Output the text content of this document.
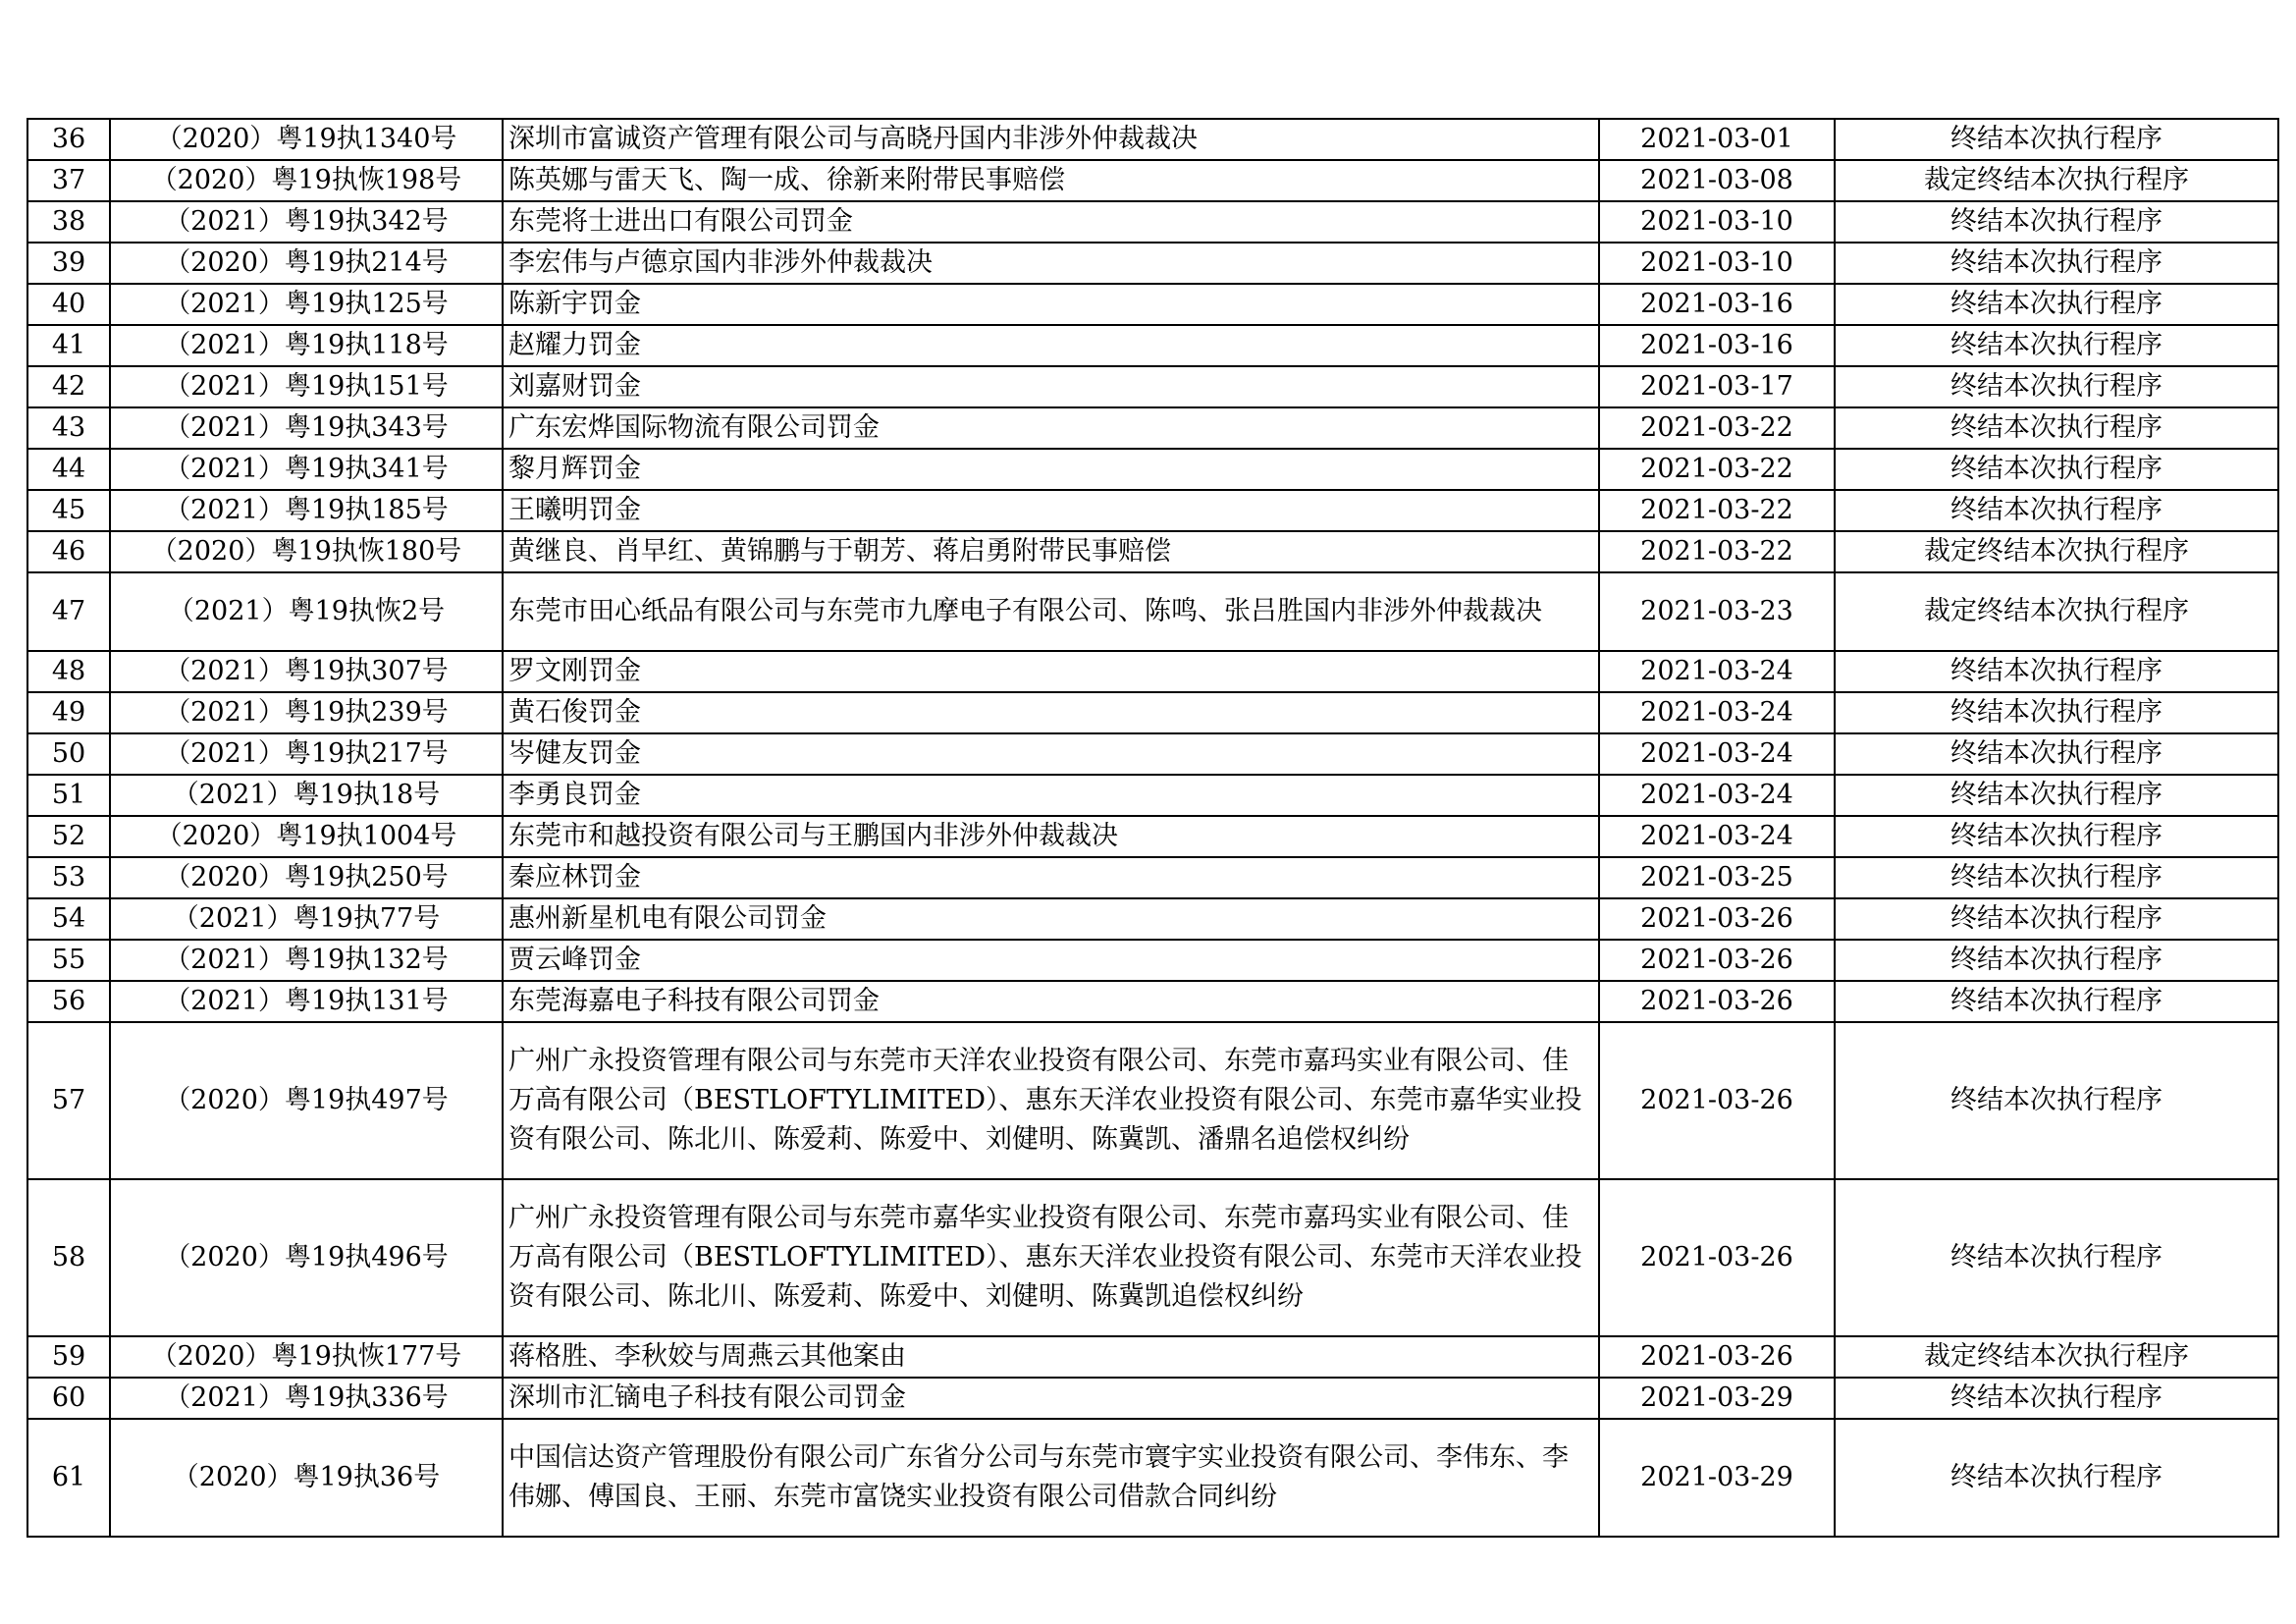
36	（2020）粤19执1340号	深圳市富诚资产管理有限公司与高晓丹国内非涉外仲裁裁决	2021-03-01	终结本次执行程序
37	（2020）粤19执恢198号	陈英娜与雷天飞、陶一成、徐新来附带民事赔偿	2021-03-08	裁定终结本次执行程序
38	（2021）粤19执342号	东莞将士进出口有限公司罚金	2021-03-10	终结本次执行程序
39	（2020）粤19执214号	李宏伟与卢德京国内非涉外仲裁裁决	2021-03-10	终结本次执行程序
40	（2021）粤19执125号	陈新宇罚金	2021-03-16	终结本次执行程序
41	（2021）粤19执118号	赵耀力罚金	2021-03-16	终结本次执行程序
42	（2021）粤19执151号	刘嘉财罚金	2021-03-17	终结本次执行程序
43	（2021）粤19执343号	广东宏烨国际物流有限公司罚金	2021-03-22	终结本次执行程序
44	（2021）粤19执341号	黎月辉罚金	2021-03-22	终结本次执行程序
45	（2021）粤19执185号	王曦明罚金	2021-03-22	终结本次执行程序
46	（2020）粤19执恢180号	黄继良、肖早红、黄锦鹏与于朝芳、蒋启勇附带民事赔偿	2021-03-22	裁定终结本次执行程序
47	（2021）粤19执恢2号	东莞市田心纸品有限公司与东莞市九摩电子有限公司、陈鸣、张吕胜国内非涉外仲裁裁决	2021-03-23	裁定终结本次执行程序
48	（2021）粤19执307号	罗文刚罚金	2021-03-24	终结本次执行程序
49	（2021）粤19执239号	黄石俊罚金	2021-03-24	终结本次执行程序
50	（2021）粤19执217号	岑健友罚金	2021-03-24	终结本次执行程序
51	（2021）粤19执18号	李勇良罚金	2021-03-24	终结本次执行程序
52	（2020）粤19执1004号	东莞市和越投资有限公司与王鹏国内非涉外仲裁裁决	2021-03-24	终结本次执行程序
53	（2020）粤19执250号	秦应林罚金	2021-03-25	终结本次执行程序
54	（2021）粤19执77号	惠州新星机电有限公司罚金	2021-03-26	终结本次执行程序
55	（2021）粤19执132号	贾云峰罚金	2021-03-26	终结本次执行程序
56	（2021）粤19执131号	东莞海嘉电子科技有限公司罚金	2021-03-26	终结本次执行程序
57	（2020）粤19执497号	广州广永投资管理有限公司与东莞市天洋农业投资有限公司、东莞市嘉玛实业有限公司、佳万高有限公司（BESTLOFTYLIMITED）、惠东天洋农业投资有限公司、东莞市嘉华实业投资有限公司、陈北川、陈爱莉、陈爱中、刘健明、陈冀凯、潘鼎名追偿权纠纷	2021-03-26	终结本次执行程序
58	（2020）粤19执496号	广州广永投资管理有限公司与东莞市嘉华实业投资有限公司、东莞市嘉玛实业有限公司、佳万高有限公司（BESTLOFTYLIMITED）、惠东天洋农业投资有限公司、东莞市天洋农业投资有限公司、陈北川、陈爱莉、陈爱中、刘健明、陈冀凯追偿权纠纷	2021-03-26	终结本次执行程序
59	（2020）粤19执恢177号	蒋格胜、李秋姣与周燕云其他案由	2021-03-26	裁定终结本次执行程序
60	（2021）粤19执336号	深圳市汇镝电子科技有限公司罚金	2021-03-29	终结本次执行程序
61	（2020）粤19执36号	中国信达资产管理股份有限公司广东省分公司与东莞市寰宇实业投资有限公司、李伟东、李伟娜、傅国良、王丽、东莞市富饶实业投资有限公司借款合同纠纷	2021-03-29	终结本次执行程序
